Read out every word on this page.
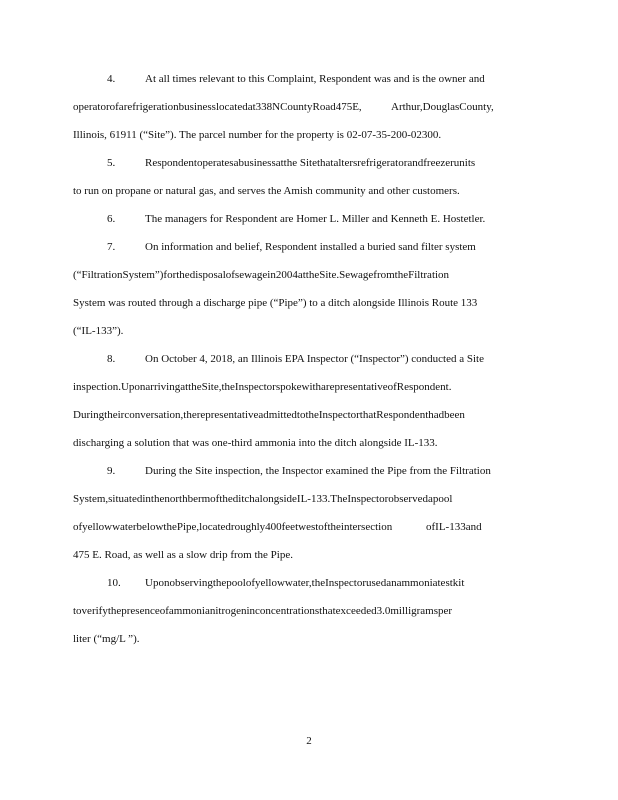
4.	At all times relevant to this Complaint, Respondent was and is the owner and
operatorofarefrigerationbusinesslocatedat338NCountyRoad475E,	Arthur,DouglasCounty,
Illinois, 61911 (“Site”). The parcel number for the property is 02-07-35-200-02300.
5.	Respondentoperatesabusinessatthe Sitethataltersrefrigeratorandfreezerunits
to run on propane or natural gas, and serves the Amish community and other customers.
6.	The managers for Respondent are Homer L. Miller and Kenneth E. Hostetler.
7.	On information and belief, Respondent installed a buried sand filter system
(“FiltrationSystem”)forthedisposalofsewagein2004attheSite.SewagefromtheFiltration
System was routed through a discharge pipe (“Pipe”) to a ditch alongside Illinois Route 133
(“IL-133”).
8.	On October 4, 2018, an Illinois EPA Inspector (“Inspector”) conducted a Site
inspection.UponarrivingattheSite,theInspectorspokewitharepresentativeofRespondent.
Duringtheirconversation,therepresentativeadmittedtotheInspectorthatRespondenthadbeen
discharging a solution that was one-third ammonia into the ditch alongside IL-133.
9.	During the Site inspection, the Inspector examined the Pipe from the Filtration
System,situatedinthenorthbermoftheditchalongsideIL-133.TheInspectorobservedapool
ofyellowwaterbelowthePipe,locatedroughly400feetwestoftheintersection	ofIL-133and
475 E. Road, as well as a slow drip from the Pipe.
10. Uponobservingthepoolofyellowwater,theInspectorusedanammoniatestkit
toverifythepresenceofammonianitrogeninconcentrationsthatexceeded3.0milligramsper
liter (“mg/L ”).
2
